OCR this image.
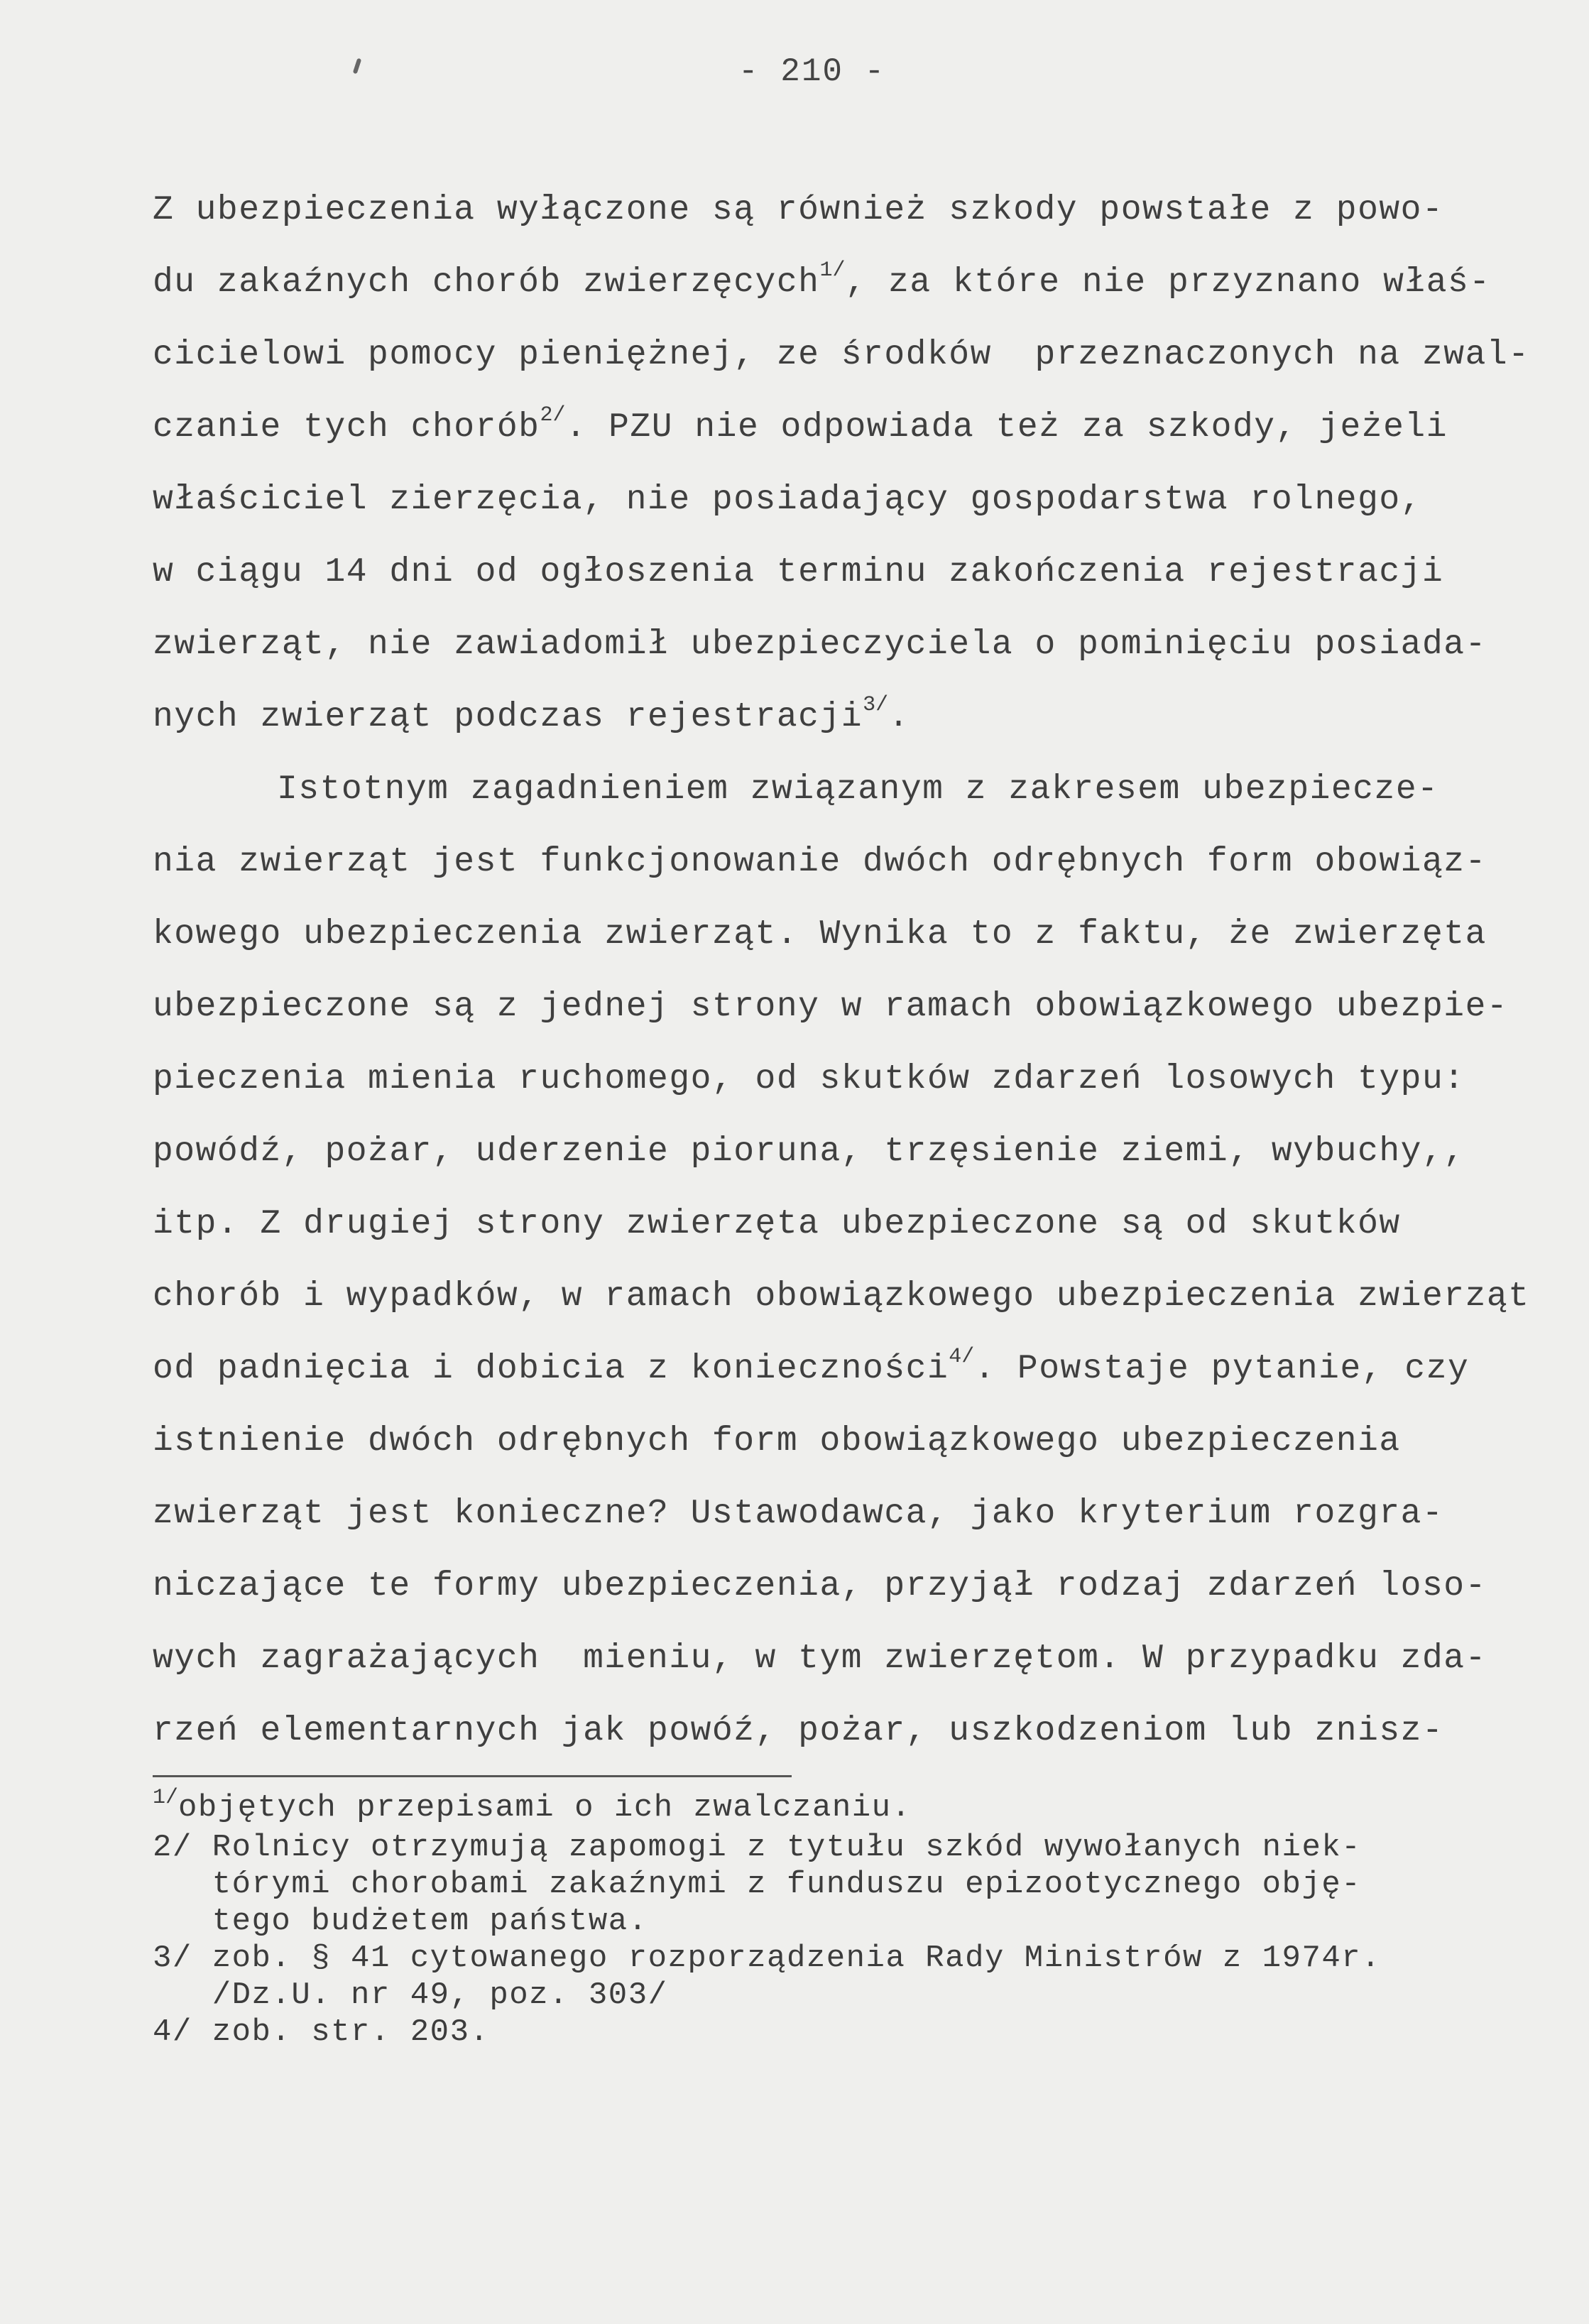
- 210 -
Z ubezpieczenia wyłączone są również szkody powstałe z powo-
du zakaźnych chorób zwierzęcych$^{1/}$, za które nie przyznano właś-
cicielowi pomocy pieniężnej, ze środków  przeznaczonych na zwal-
czanie tych chorób$^{2/}$. PZU nie odpowiada też za szkody, jeżeli
właściciel zierzęcia, nie posiadający gospodarstwa rolnego,
w ciągu 14 dni od ogłoszenia terminu zakończenia rejestracji
zwierząt, nie zawiadomił ubezpieczyciela o pominięciu posiada-
nych zwierząt podczas rejestracji$^{3/}$.
Istotnym zagadnieniem związanym z zakresem ubezpiecze-
nia zwierząt jest funkcjonowanie dwóch odrębnych form obowiąz-
kowego ubezpieczenia zwierząt. Wynika to z faktu, że zwierzęta
ubezpieczone są z jednej strony w ramach obowiązkowego ubezpie-
pieczenia mienia ruchomego, od skutków zdarzeń losowych typu:
powódź, pożar, uderzenie pioruna, trzęsienie ziemi, wybuchy,,
itp. Z drugiej strony zwierzęta ubezpieczone są od skutków
chorób i wypadków, w ramach obowiązkowego ubezpieczenia zwierząt
od padnięcia i dobicia z konieczności$^{4/}$. Powstaje pytanie, czy
istnienie dwóch odrębnych form obowiązkowego ubezpieczenia
zwierząt jest konieczne? Ustawodawca, jako kryterium rozgra-
niczające te formy ubezpieczenia, przyjął rodzaj zdarzeń loso-
wych zagrażających  mieniu, w tym zwierzętom. W przypadku zda-
rzeń elementarnych jak powóź, pożar, uszkodzeniom lub znisz-
$^{1/}$objętych przepisami o ich zwalczaniu.
2/ Rolnicy otrzymują zapomogi z tytułu szkód wywołanych niek-
tórymi chorobami zakaźnymi z funduszu epizootycznego obję-
tego budżetem państwa.
3/ zob. § 41 cytowanego rozporządzenia Rady Ministrów z 1974r.
/Dz.U. nr 49, poz. 303/
4/ zob. str. 203.
